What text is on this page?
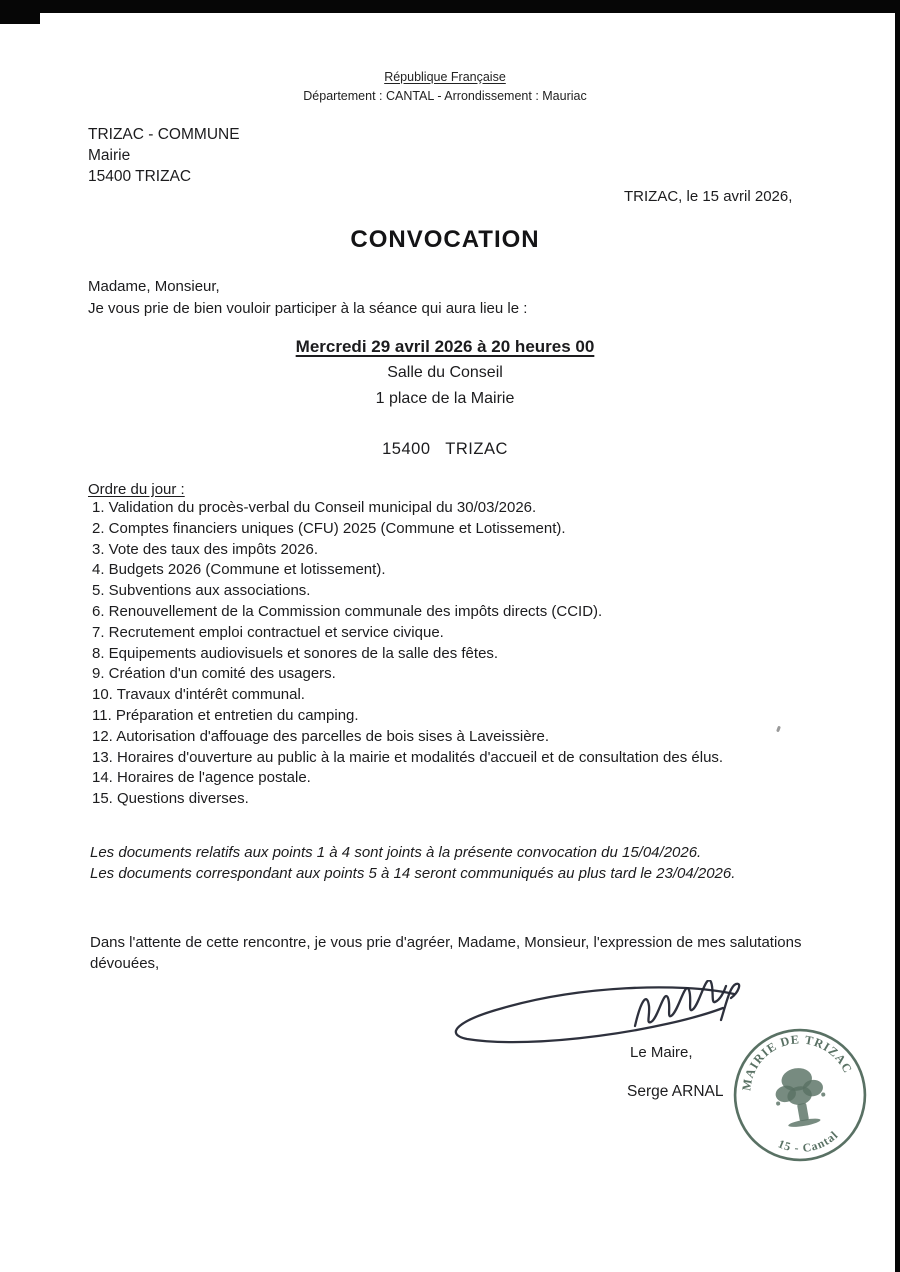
République Française
Département : CANTAL - Arrondissement : Mauriac
TRIZAC - COMMUNE
Mairie
15400 TRIZAC
TRIZAC, le 15 avril 2026,
CONVOCATION
Madame, Monsieur,
Je vous prie de bien vouloir participer à la séance qui aura lieu le :
Mercredi 29 avril 2026 à 20 heures 00
Salle du Conseil
1 place de la Mairie
15400 TRIZAC
Ordre du jour :
1. Validation du procès-verbal du Conseil municipal du 30/03/2026.
2. Comptes financiers uniques (CFU) 2025 (Commune et Lotissement).
3. Vote des taux des impôts 2026.
4. Budgets 2026 (Commune et lotissement).
5. Subventions aux associations.
6. Renouvellement de la Commission communale des impôts directs (CCID).
7. Recrutement emploi contractuel et service civique.
8. Equipements audiovisuels et sonores de la salle des fêtes.
9. Création d'un comité des usagers.
10. Travaux d'intérêt communal.
11. Préparation et entretien du camping.
12. Autorisation d'affouage des parcelles de bois sises à Laveissière.
13. Horaires d'ouverture au public à la mairie et modalités d'accueil et de consultation des élus.
14. Horaires de l'agence postale.
15. Questions diverses.
Les documents relatifs aux points 1 à 4 sont joints à la présente convocation du 15/04/2026.
Les documents correspondant aux points 5 à 14 seront communiqués au plus tard le 23/04/2026.
Dans l'attente de cette rencontre, je vous prie d'agréer, Madame, Monsieur, l'expression de mes salutations dévouées,
Le Maire,
Serge ARNAL	MAIRIE DE TRIZAC
15 - Cantal
